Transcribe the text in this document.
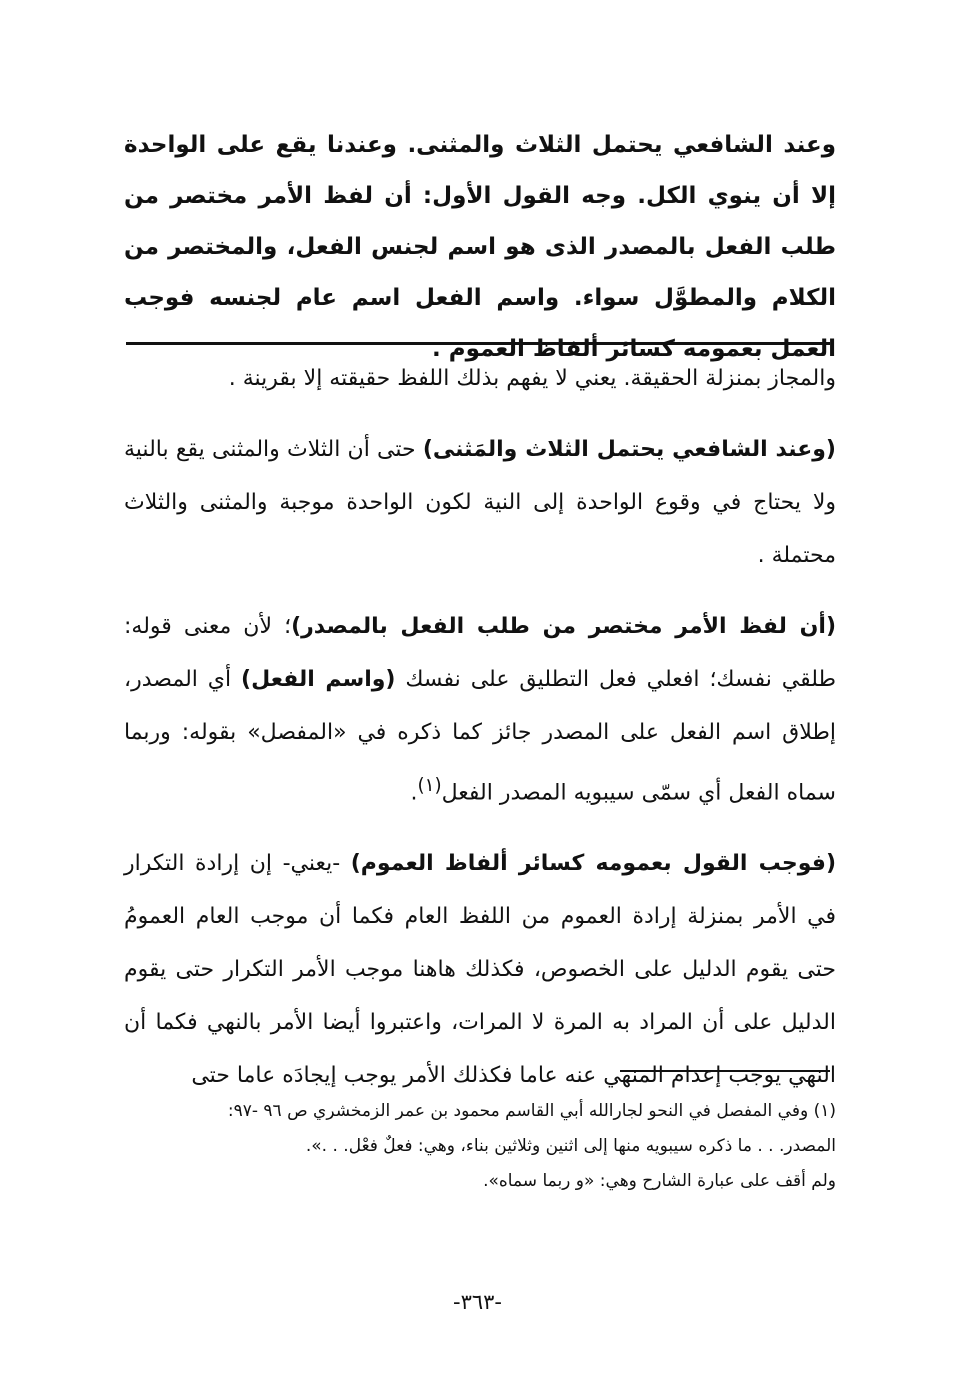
وعند الشافعي يحتمل الثلاث والمثنى. وعندنا يقع على الواحدة إلا أن ينوي الكل. وجه القول الأول: أن لفظ الأمر مختصر من طلب الفعل بالمصدر الذى هو اسم لجنس الفعل، والمختصر من الكلام والمطوَّل سواء. واسم الفعل اسم عام لجنسه فوجب العمل بعمومه كسائر ألفاظ العموم .

والمجاز بمنزلة الحقيقة. يعني لا يفهم بذلك اللفظ حقيقته إلا بقرينة .

(وعند الشافعي يحتمل الثلاث والمَثنى) حتى أن الثلاث والمثنى يقع بالنية ولا يحتاج في وقوع الواحدة إلى النية لكون الواحدة موجبة والمثنى والثلاث محتملة .

(أن لفظ الأمر مختصر من طلب الفعل بالمصدر)؛ لأن معنى قوله: طلقي نفسك؛ افعلي فعل التطليق على نفسك (واسم الفعل) أي المصدر، إطلاق اسم الفعل على المصدر جائز كما ذكره في «المفصل» بقوله: وربما سماه الفعل أي سمّى سيبويه المصدر الفعل$^{(١)}$.

(فوجب القول بعمومه كسائر ألفاظ العموم) -يعني- إن إرادة التكرار في الأمر بمنزلة إرادة العموم من اللفظ العام فكما أن موجب العام العمومُ حتى يقوم الدليل على الخصوص، فكذلك هاهنا موجب الأمر التكرار حتى يقوم الدليل على أن المراد به المرة لا المرات، واعتبروا أيضا الأمر بالنهي فكما أن النهي يوجب إعدام المنهي عنه عاما فكذلك الأمر يوجب إيجادَه عاما حتى

(١) وفي المفصل في النحو لجارالله أبي القاسم محمود بن عمر الزمخشري ص ٩٦ -٩٧:

المصدر. . . ما ذكره سيبويه منها إلى اثنين وثلاثين بناء، وهي: فعلٌ فعْل. . .».

ولم أقف على عبارة الشارح وهي: «و ربما سماه».

-٣٦٣-
